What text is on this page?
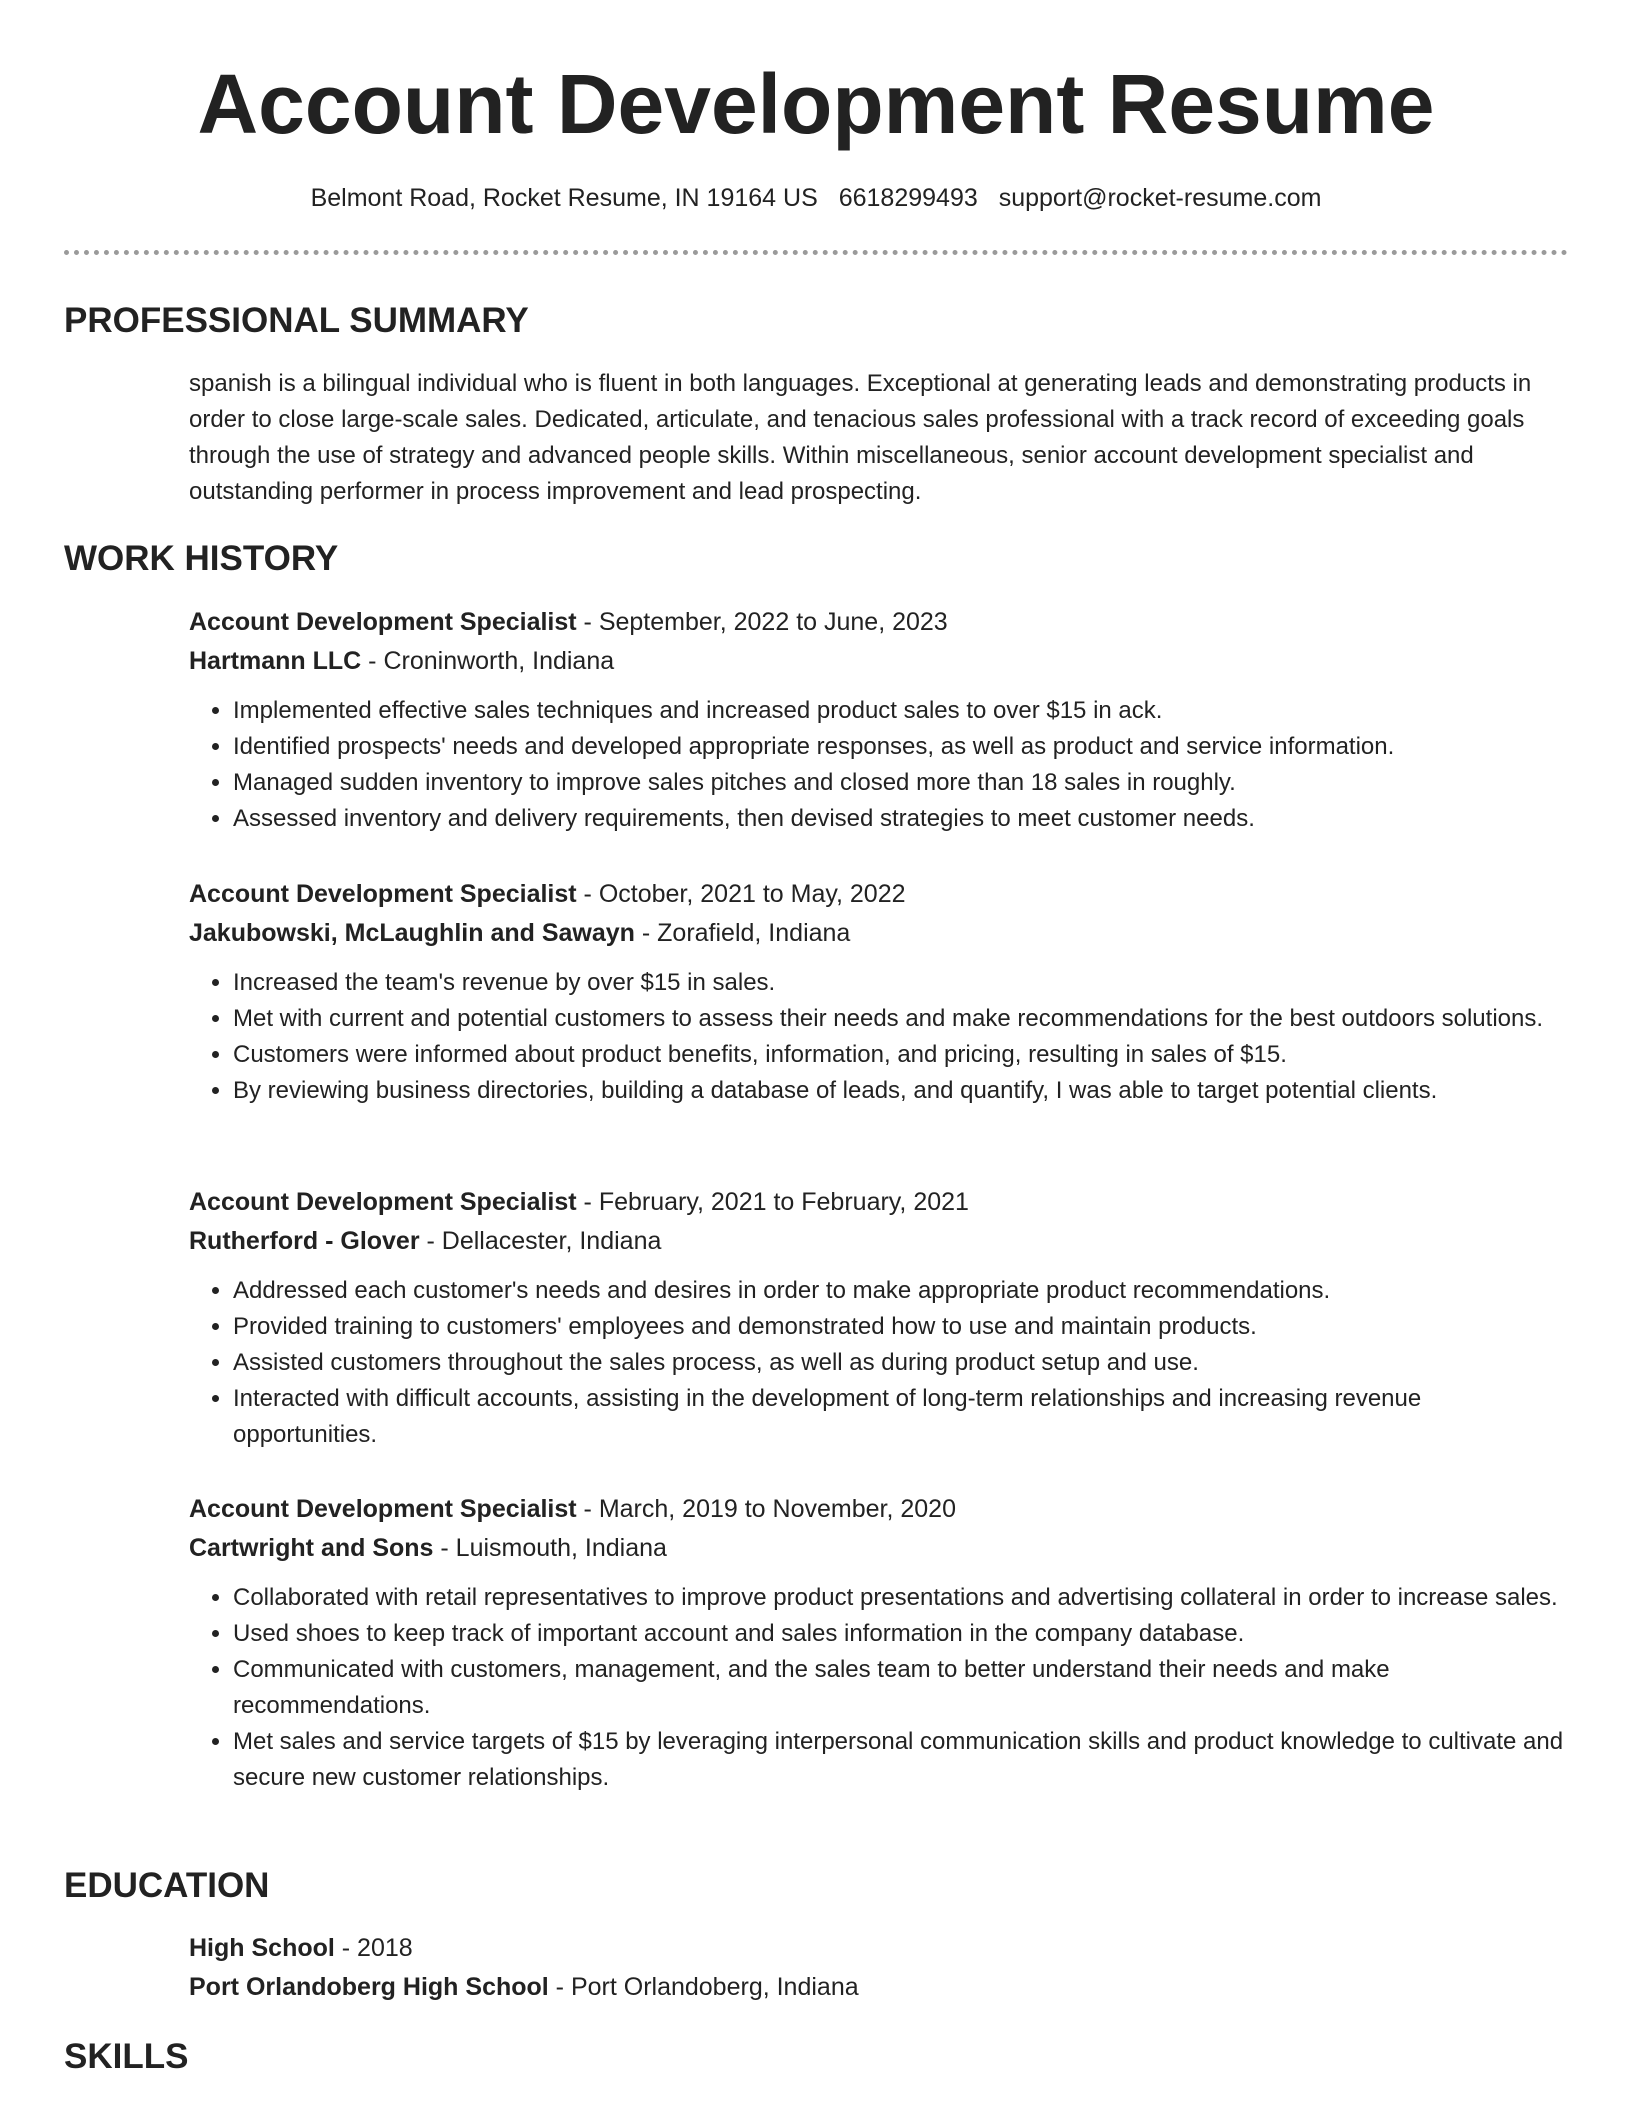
Account Development Resume
Belmont Road, Rocket Resume, IN 19164 US 6618299493 support@rocket-resume.com
PROFESSIONAL SUMMARY

spanish is a bilingual individual who is fluent in both languages. Exceptional at generating leads and demonstrating products in order to close large-scale sales. Dedicated, articulate, and tenacious sales professional with a track record of exceeding goals through the use of strategy and advanced people skills. Within miscellaneous, senior account development specialist and outstanding performer in process improvement and lead prospecting.

WORK HISTORY

Account Development Specialist - September, 2022 to June, 2023

Hartmann LLC - Croninworth, Indiana

• Implemented effective sales techniques and increased product sales to over $15 in ack.
• Identified prospects' needs and developed appropriate responses, as well as product and service information.
• Managed sudden inventory to improve sales pitches and closed more than 18 sales in roughly.
• Assessed inventory and delivery requirements, then devised strategies to meet customer needs.

Account Development Specialist - October, 2021 to May, 2022

Jakubowski, McLaughlin and Sawayn - Zorafield, Indiana

• Increased the team's revenue by over $15 in sales.
• Met with current and potential customers to assess their needs and make recommendations for the best outdoors solutions.
• Customers were informed about product benefits, information, and pricing, resulting in sales of $15.
• By reviewing business directories, building a database of leads, and quantify, I was able to target potential clients.

Account Development Specialist - February, 2021 to February, 2021

Rutherford - Glover - Dellacester, Indiana

• Addressed each customer's needs and desires in order to make appropriate product recommendations.
• Provided training to customers' employees and demonstrated how to use and maintain products.
• Assisted customers throughout the sales process, as well as during product setup and use.
• Interacted with difficult accounts, assisting in the development of long-term relationships and increasing revenue opportunities.

Account Development Specialist - March, 2019 to November, 2020

Cartwright and Sons - Luismouth, Indiana

• Collaborated with retail representatives to improve product presentations and advertising collateral in order to increase sales.
• Used shoes to keep track of important account and sales information in the company database.
• Communicated with customers, management, and the sales team to better understand their needs and make recommendations.
• Met sales and service targets of $15 by leveraging interpersonal communication skills and product knowledge to cultivate and secure new customer relationships.
EDUCATION

High School - 2018

Port Orlandoberg High School - Port Orlandoberg, Indiana

SKILLS
